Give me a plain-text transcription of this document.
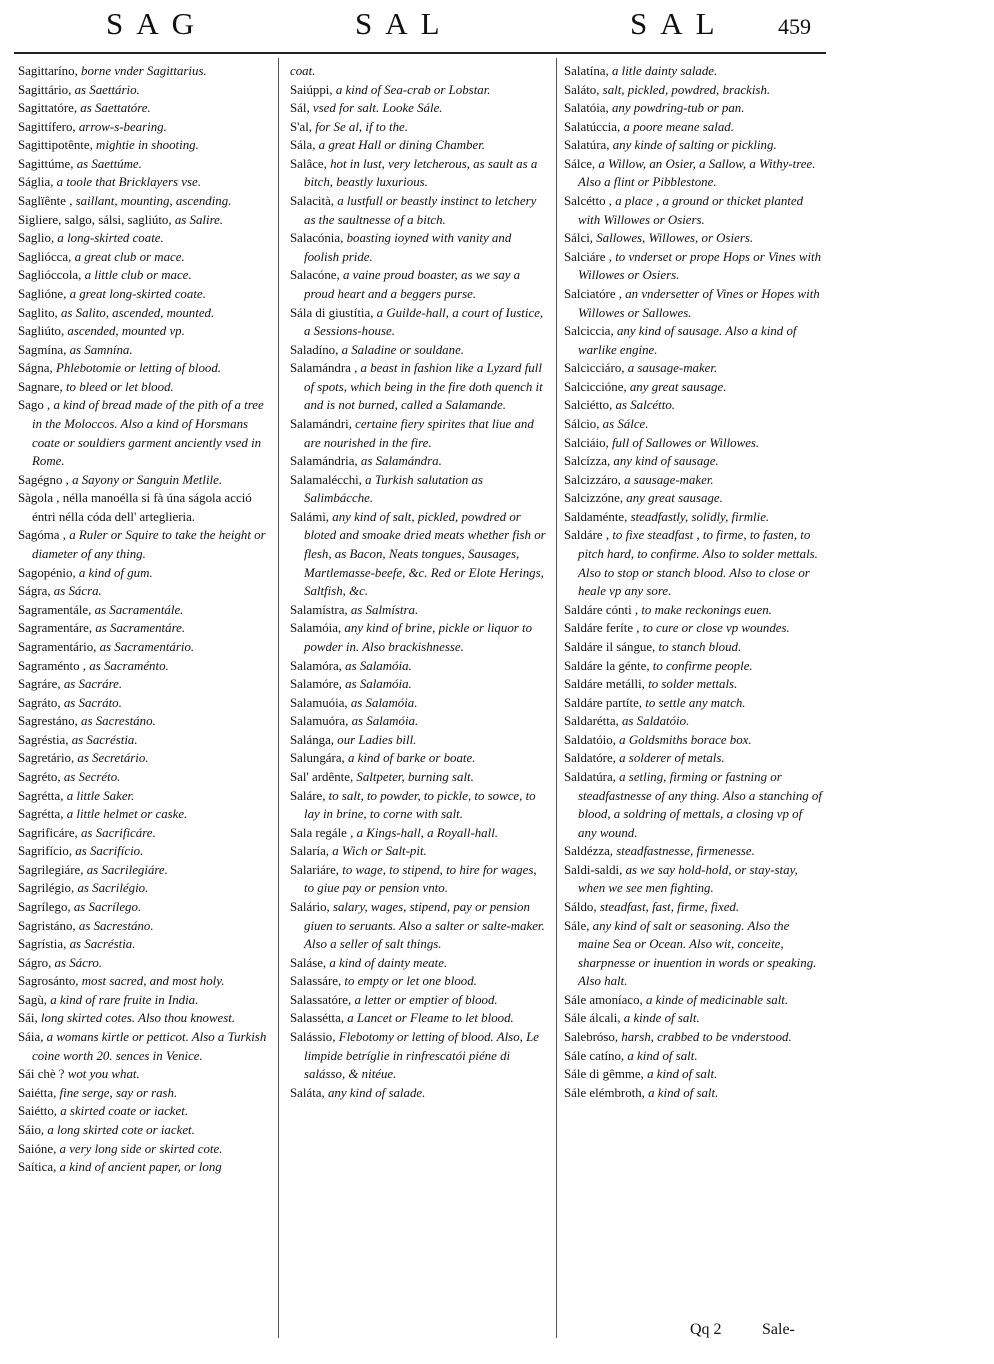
SAG	SAL	SAL 459

Sagittaríno, borne vnder Sagittarius.

Sagittário, as Saettário.

Sagittatóre, as Saettatóre.

Sagittífero, arrow-s-bearing.

Sagittipotênte, mightie in shooting.

Sagittúme, as Saettúme.

Ságlia, a toole that Bricklayers vse.

Saglïênte , saillant, mounting, ascending.

Sigliere, salgo, sálsi, sagliúto, as Salire.

Saglio, a long-skirted coate.

Sagliócca, a great club or mace.

Saglióccola, a little club or mace.

Saglióne, a great long-skirted coate.

Saglito, as Salito, ascended, mounted.

Sagliúto, ascended, mounted vp.

Sagmína, as Samnína.

Ságna, Phlebotomie or letting of blood.

Sagnare, to bleed or let blood.

Sago , a kind of bread made of the pith of a tree in the Moloccos. Also a kind of Horsmans coate or souldiers garment anciently vsed in Rome.

Sagégno , a Sayony or Sanguin Metlile.

Sàgola , nélla manoélla si fà úna ságola acció éntri nélla códa dell' arteglieria.

Sagóma , a Ruler or Squire to take the height or diameter of any thing.

Sagopénio, a kind of gum.

Ságra, as Sácra.

Sagramentále, as Sacramentále.

Sagramentáre, as Sacramentáre.

Sagramentário, as Sacramentário.

Sagraménto , as Sacraménto.

Sagráre, as Sacráre.

Sagráto, as Sacráto.

Sagrestáno, as Sacrestáno.

Sagréstia, as Sacréstia.

Sagretário, as Secretário.

Sagréto, as Secréto.

Sagrétta, a little Saker.

Sagrétta, a little helmet or caske.

Sagrificáre, as Sacrificáre.

Sagrifício, as Sacrifício.

Sagrilegiáre, as Sacrilegiáre.

Sagrilégio, as Sacrilégio.

Sagrílego, as Sacrílego.

Sagristáno, as Sacrestáno.

Sagrístia, as Sacréstia.

Ságro, as Sácro.

Sagrosánto, most sacred, and most holy.

Sagù, a kind of rare fruite in India.

Sái, long skirted cotes. Also thou knowest.

Sáia, a womans kirtle or petticot. Also a Turkish coine worth 20. sences in Venice.

Sái chè ? wot you what.

Saiétta, fine serge, say or rash.

Saiétto, a skirted coate or iacket.

Sáio, a long skirted cote or iacket.

Saióne, a very long side or skirted cote.

Saítica, a kind of ancient paper, or long

coat.

Saiúppi, a kind of Sea-crab or Lobstar.

Sál, vsed for salt. Looke Sále.

S'al, for Se al, if to the.

Sála, a great Hall or dining Chamber.

Salâce, hot in lust, very letcherous, as sault as a bitch, beastly luxurious.

Salacità, a lustfull or beastly instinct to letchery as the saultnesse of a bitch.

Salacónia, boasting ioyned with vanity and foolish pride.

Salacóne, a vaine proud boaster, as we say a proud heart and a beggers purse.

Sála di giustítia, a Guilde-hall, a court of Iustice, a Sessions-house.

Saladíno, a Saladine or souldane.

Salamándra , a beast in fashion like a Lyzard full of spots, which being in the fire doth quench it and is not burned, called a Salamande.

Salamándri, certaine fiery spirites that liue and are nourished in the fire.

Salamándria, as Salamándra.

Salamalécchi, a Turkish salutation as Salimbácche.

Salámi, any kind of salt, pickled, powdred or bloted and smoake dried meats whether fish or flesh, as Bacon, Neats tongues, Sausages, Martlemasse-beefe, &c. Red or Elote Herings, Saltfish, &c.

Salamístra, as Salmístra.

Salamóia, any kind of brine, pickle or liquor to powder in. Also brackishnesse.

Salamóra, as Salamóia.

Salamóre, as Salamóia.

Salamuóia, as Salamóia.

Salamuóra, as Salamóia.

Salánga, our Ladies bill.

Salungára, a kind of barke or boate.

Sal' ardênte, Saltpeter, burning salt.

Saláre, to salt, to powder, to pickle, to sowce, to lay in brine, to corne with salt.

Sala regále , a Kings-hall, a Royall-hall.

Salaría, a Wich or Salt-pit.

Salariáre, to wage, to stipend, to hire for wages, to giue pay or pension vnto.

Salário, salary, wages, stipend, pay or pension giuen to seruants. Also a salter or salte-maker. Also a seller of salt things.

Saláse, a kind of dainty meate.

Salassáre, to empty or let one blood.

Salassatóre, a letter or emptier of blood.

Salassétta, a Lancet or Fleame to let blood.

Salássio, Flebotomy or letting of blood. Also, Le limpide betríglie in rinfrescatói piéne di salásso, & nitéue.

Saláta, any kind of salade.

Salatína, a litle dainty salade.

Saláto, salt, pickled, powdred, brackish.

Salatóia, any powdring-tub or pan.

Salatúccia, a poore meane salad.

Salatúra, any kinde of salting or pickling.

Sálce, a Willow, an Osier, a Sallow, a Withy-tree. Also a flint or Pibblestone.

Salcétto , a place , a ground or thicket planted with Willowes or Osiers.

Sálci, Sallowes, Willowes, or Osiers.

Salciáre , to vnderset or prope Hops or Vines with Willowes or Osiers.

Salciatóre , an vndersetter of Vines or Hopes with Willowes or Sallowes.

Salciccia, any kind of sausage. Also a kind of warlike engine.

Salcicciáro, a sausage-maker.

Salciccióne, any great sausage.

Salciétto, as Salcétto.

Sálcio, as Sálce.

Salciáio, full of Sallowes or Willowes.

Salcízza, any kind of sausage.

Salcizzáro, a sausage-maker.

Salcizzóne, any great sausage.

Saldaménte, steadfastly, solidly, firmlie.

Saldáre , to fixe steadfast , to firme, to fasten, to pitch hard, to confirme. Also to solder mettals. Also to stop or stanch blood. Also to close or heale vp any sore.

Saldáre cónti , to make reckonings euen.

Saldáre feríte , to cure or close vp woundes.

Saldáre il sángue, to stanch bloud.

Saldáre la génte, to confirme people.

Saldáre metálli, to solder mettals.

Saldáre partíte, to settle any match.

Saldarétta, as Saldatóio.

Saldatóio, a Goldsmiths borace box.

Saldatóre, a solderer of metals.

Saldatúra, a setling, firming or fastning or steadfastnesse of any thing. Also a stanching of blood, a soldring of mettals, a closing vp of any wound.

Saldézza, steadfastnesse, firmenesse.

Saldi-saldi, as we say hold-hold, or stay-stay, when we see men fighting.

Sáldo, steadfast, fast, firme, fixed.

Sále, any kind of salt or seasoning. Also the maine Sea or Ocean. Also wit, conceite, sharpnesse or inuention in words or speaking. Also halt.

Sále amoníaco, a kinde of medicinable salt.

Sále álcali, a kinde of salt.

Salebróso, harsh, crabbed to be vnderstood.

Sále catíno, a kind of salt.

Sále di gêmme, a kind of salt.

Sále elémbroth, a kind of salt.

Qq 2	Sale-
